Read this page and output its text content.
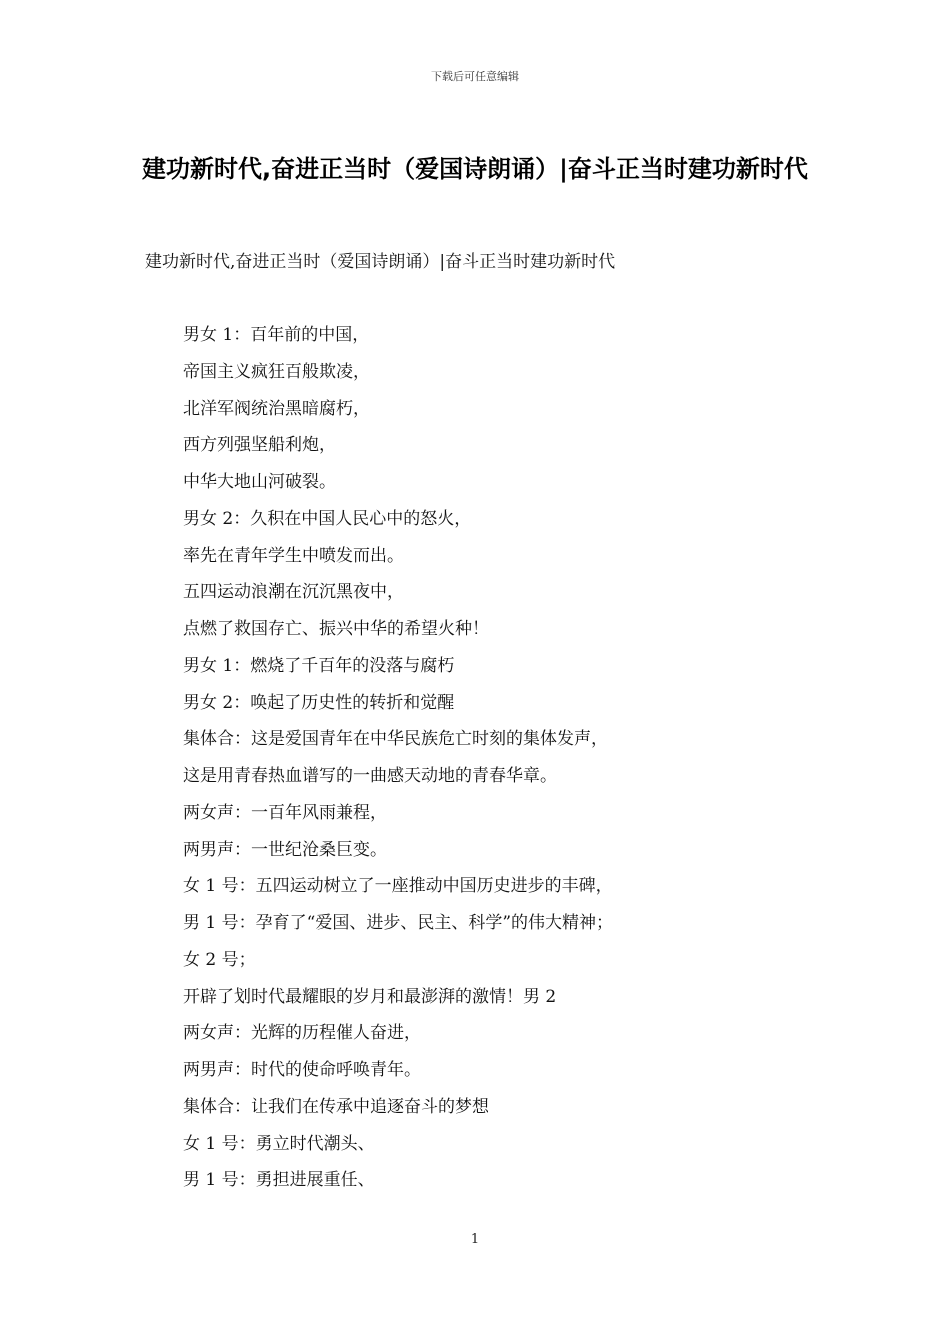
下载后可任意编辑
建功新时代,奋进正当时（爱国诗朗诵）|奋斗正当时建功新时代
建功新时代,奋进正当时（爱国诗朗诵）|奋斗正当时建功新时代
男女 1：百年前的中国，
帝国主义疯狂百般欺凌，
北洋军阀统治黑暗腐朽，
西方列强坚船利炮，
中华大地山河破裂。
男女 2：久积在中国人民心中的怒火，
率先在青年学生中喷发而出。
五四运动浪潮在沉沉黑夜中，
点燃了救国存亡、振兴中华的希望火种！
男女 1：燃烧了千百年的没落与腐朽
男女 2：唤起了历史性的转折和觉醒
集体合：这是爱国青年在中华民族危亡时刻的集体发声，
这是用青春热血谱写的一曲感天动地的青春华章。
两女声：一百年风雨兼程，
两男声：一世纪沧桑巨变。
女 1 号：五四运动树立了一座推动中国历史进步的丰碑，
男 1 号：孕育了“爱国、进步、民主、科学”的伟大精神；
女 2 号；
开辟了划时代最耀眼的岁月和最澎湃的激情！男 2
两女声：光辉的历程催人奋进，
两男声：时代的使命呼唤青年。
集体合：让我们在传承中追逐奋斗的梦想
女 1 号：勇立时代潮头、
男 1 号：勇担进展重任、
1
